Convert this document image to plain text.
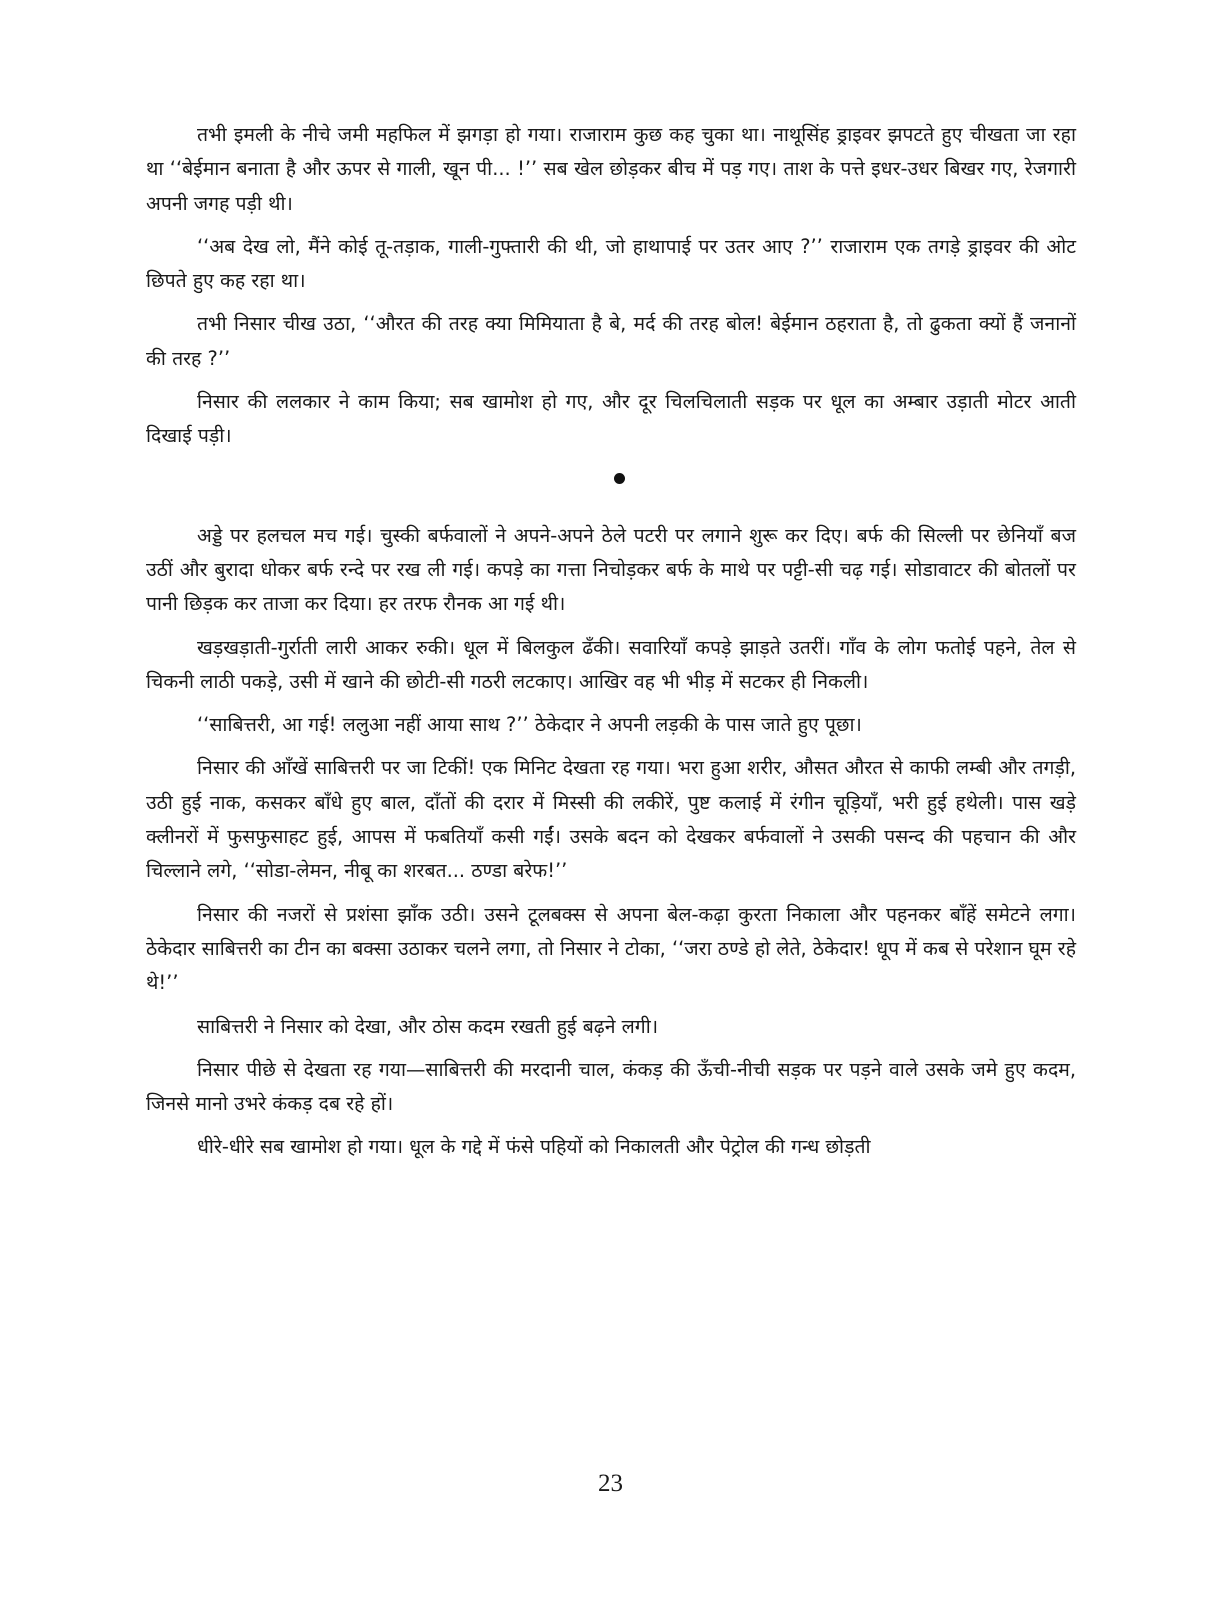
तभी इमली के नीचे जमी महफिल में झगड़ा हो गया। राजाराम कुछ कह चुका था। नाथूसिंह ड्राइवर झपटते हुए चीखता जा रहा था ‘‘बेईमान बनाता है और ऊपर से गाली, खून पी... !’’ सब खेल छोड़कर बीच में पड़ गए। ताश के पत्ते इधर-उधर बिखर गए, रेजगारी अपनी जगह पड़ी थी।

‘‘अब देख लो, मैंने कोई तू-तड़ाक, गाली-गुफ्तारी की थी, जो हाथापाई पर उतर आए ?’’ राजाराम एक तगड़े ड्राइवर की ओट छिपते हुए कह रहा था।

तभी निसार चीख उठा, ‘‘औरत की तरह क्या मिमियाता है बे, मर्द की तरह बोल! बेईमान ठहराता है, तो ढुकता क्यों हैं जनानों की तरह ?’’

निसार की ललकार ने काम किया; सब खामोश हो गए, और दूर चिलचिलाती सड़क पर धूल का अम्बार उड़ाती मोटर आती दिखाई पड़ी।

अड्डे पर हलचल मच गई। चुस्की बर्फवालों ने अपने-अपने ठेले पटरी पर लगाने शुरू कर दिए। बर्फ की सिल्ली पर छेनियाँ बज उठीं और बुरादा धोकर बर्फ रन्दे पर रख ली गई। कपड़े का गत्ता निचोड़कर बर्फ के माथे पर पट्टी-सी चढ़ गई। सोडावाटर की बोतलों पर पानी छिड़क कर ताजा कर दिया। हर तरफ रौनक आ गई थी।

खड़खड़ाती-गुर्राती लारी आकर रुकी। धूल में बिलकुल ढँकी। सवारियाँ कपड़े झाड़ते उतरीं। गाँव के लोग फतोई पहने, तेल से चिकनी लाठी पकड़े, उसी में खाने की छोटी-सी गठरी लटकाए। आखिर वह भी भीड़ में सटकर ही निकली।

‘‘साबित्तरी, आ गई! ललुआ नहीं आया साथ ?’’ ठेकेदार ने अपनी लड़की के पास जाते हुए पूछा।

निसार की आँखें साबित्तरी पर जा टिकीं! एक मिनिट देखता रह गया। भरा हुआ शरीर, औसत औरत से काफी लम्बी और तगड़ी, उठी हुई नाक, कसकर बाँधे हुए बाल, दाँतों की दरार में मिस्सी की लकीरें, पुष्ट कलाई में रंगीन चूड़ियाँ, भरी हुई हथेली। पास खड़े क्लीनरों में फुसफुसाहट हुई, आपस में फबतियाँ कसी गईं। उसके बदन को देखकर बर्फवालों ने उसकी पसन्द की पहचान की और चिल्लाने लगे, ‘‘सोडा-लेमन, नीबू का शरबत... ठण्डा बरेफ!’’

निसार की नजरों से प्रशंसा झाँक उठी। उसने टूलबक्स से अपना बेल-कढ़ा कुरता निकाला और पहनकर बाँहें समेटने लगा। ठेकेदार साबित्तरी का टीन का बक्सा उठाकर चलने लगा, तो निसार ने टोका, ‘‘जरा ठण्डे हो लेते, ठेकेदार! धूप में कब से परेशान घूम रहे थे!’’

साबित्तरी ने निसार को देखा, और ठोस कदम रखती हुई बढ़ने लगी।

निसार पीछे से देखता रह गया—साबित्तरी की मरदानी चाल, कंकड़ की ऊँची-नीची सड़क पर पड़ने वाले उसके जमे हुए कदम, जिनसे मानो उभरे कंकड़ दब रहे हों।

धीरे-धीरे सब खामोश हो गया। धूल के गद्दे में फंसे पहियों को निकालती और पेट्रोल की गन्ध छोड़ती

23
